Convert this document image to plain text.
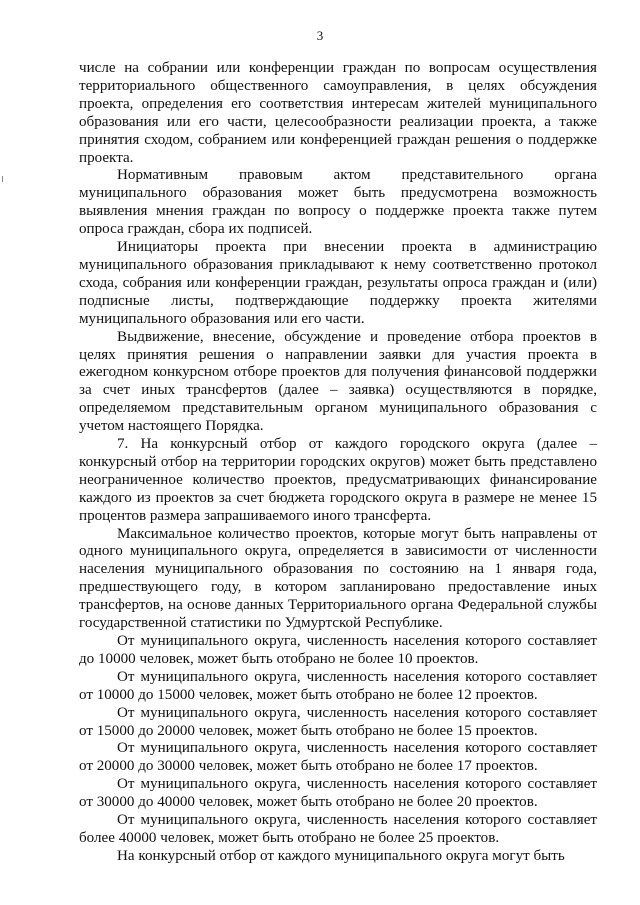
3

числе на собрании или конференции граждан по вопросам осуществления территориального общественного самоуправления, в целях обсуждения проекта, определения его соответствия интересам жителей муниципального образования или его части, целесообразности реализации проекта, а также принятия сходом, собранием или конференцией граждан решения о поддержке проекта.

Нормативным правовым актом представительного органа муниципального образования может быть предусмотрена возможность выявления мнения граждан по вопросу о поддержке проекта также путем опроса граждан, сбора их подписей.

Инициаторы проекта при внесении проекта в администрацию муниципального образования прикладывают к нему соответственно протокол схода, собрания или конференции граждан, результаты опроса граждан и (или) подписные листы, подтверждающие поддержку проекта жителями муниципального образования или его части.

Выдвижение, внесение, обсуждение и проведение отбора проектов в целях принятия решения о направлении заявки для участия проекта в ежегодном конкурсном отборе проектов для получения финансовой поддержки за счет иных трансфертов (далее – заявка) осуществляются в порядке, определяемом представительным органом муниципального образования с учетом настоящего Порядка.

7. На конкурсный отбор от каждого городского округа (далее – конкурсный отбор на территории городских округов) может быть представлено неограниченное количество проектов, предусматривающих финансирование каждого из проектов за счет бюджета городского округа в размере не менее 15 процентов размера запрашиваемого иного трансферта.

Максимальное количество проектов, которые могут быть направлены от одного муниципального округа, определяется в зависимости от численности населения муниципального образования по состоянию на 1 января года, предшествующего году, в котором запланировано предоставление иных трансфертов, на основе данных Территориального органа Федеральной службы государственной статистики по Удмуртской Республике.

От муниципального округа, численность населения которого составляет до 10000 человек, может быть отобрано не более 10 проектов.

От муниципального округа, численность населения которого составляет от 10000 до 15000 человек, может быть отобрано не более 12 проектов.

От муниципального округа, численность населения которого составляет от 15000 до 20000 человек, может быть отобрано не более 15 проектов.

От муниципального округа, численность населения которого составляет от 20000 до 30000 человек, может быть отобрано не более 17 проектов.

От муниципального округа, численность населения которого составляет от 30000 до 40000 человек, может быть отобрано не более 20 проектов.

От муниципального округа, численность населения которого составляет более 40000 человек, может быть отобрано не более 25 проектов.

На конкурсный отбор от каждого муниципального округа могут быть
